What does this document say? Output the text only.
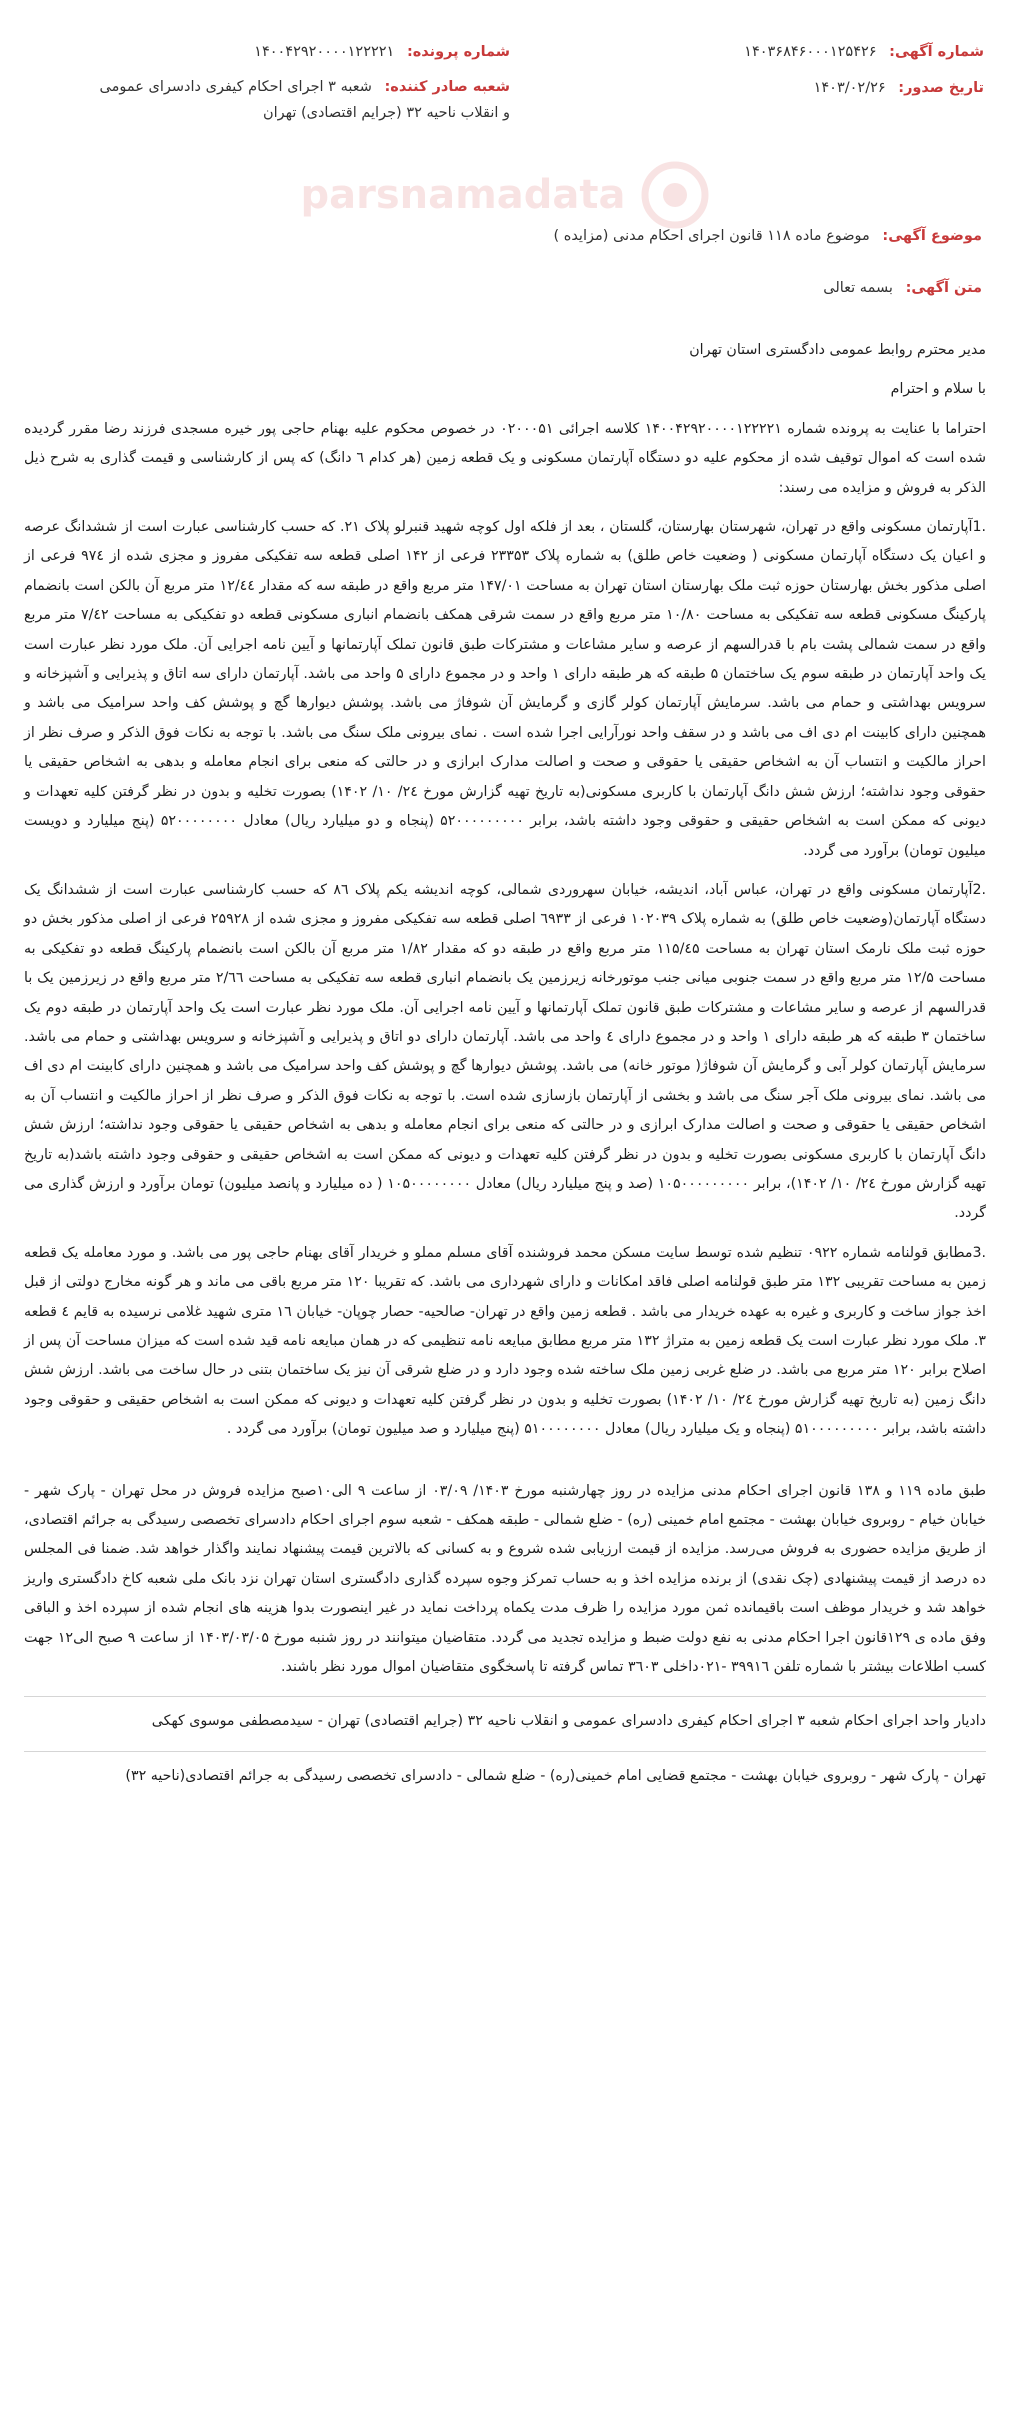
parsnamadata
شماره آگهی: ۱۴۰۳۶۸۴۶۰۰۰۱۲۵۴۲۶
تاریخ صدور: ۱۴۰۳/۰۲/۲۶
شماره پرونده: ۱۴۰۰۴۲۹۲۰۰۰۰۱۲۲۲۲۱
شعبه صادر کننده: شعبه ۳ اجرای احکام کیفری دادسرای عمومی و انقلاب ناحیه ۳۲ (جرایم اقتصادی) تهران
موضوع آگهی: موضوع ماده ۱۱۸ قانون اجرای احکام مدنی (مزایده )
متن آگهی: بسمه تعالی

مدیر محترم روابط عمومی دادگستری استان تهران

با سلام و احترام

احتراما با عنایت به پرونده شماره ۱۴۰۰۴۲۹۲۰۰۰۰۱۲۲۲۲۱ کلاسه اجرائی ۰۲۰۰۰۵۱ در خصوص محکوم علیه بهنام حاجی پور خیره مسجدی فرزند رضا مقرر گردیده شده است که اموال توقیف شده از محکوم علیه دو دستگاه آپارتمان مسکونی و یک قطعه زمین (هر کدام ٦ دانگ) که پس از کارشناسی و قیمت گذاری به شرح ذیل الذکر به فروش و مزایده می رسند:

.1آپارتمان مسکونی واقع در تهران، شهرستان بهارستان، گلستان ، بعد از فلکه اول کوچه شهید قنبرلو پلاک ۲۱. که حسب کارشناسی عبارت است از ششدانگ عرصه و اعیان یک دستگاه آپارتمان مسکونی ( وضعیت خاص طلق) به شماره پلاک ۲۳۳۵۳ فرعی از ۱۴۲ اصلی قطعه سه تفکیکی مفروز و مجزی شده از ۹۷٤ فرعی از اصلی مذکور بخش بهارستان حوزه ثبت ملک بهارستان استان تهران به مساحت ۱۴۷/۰۱ متر مربع واقع در طبقه سه که مقدار ۱۲/٤٤ متر مربع آن بالکن است بانضمام پارکینگ مسکونی قطعه سه تفکیکی به مساحت ۱۰/۸۰ متر مربع واقع در سمت شرقی همکف بانضمام انباری مسکونی قطعه دو تفکیکی به مساحت ۷/٤۲ متر مربع واقع در سمت شمالی پشت بام با قدرالسهم از عرصه و سایر مشاعات و مشترکات طبق قانون تملک آپارتمانها و آیین نامه اجرایی آن. ملک مورد نظر عبارت است یک واحد آپارتمان در طبقه سوم یک ساختمان ۵ طبقه که هر طبقه دارای ۱ واحد و در مجموع دارای ۵ واحد می باشد. آپارتمان دارای سه اتاق و پذیرایی و آشپزخانه و سرویس بهداشتی و حمام می باشد. سرمایش آپارتمان کولر گازی و گرمایش آن شوفاژ می باشد. پوشش دیوارها گچ و پوشش کف واحد سرامیک می باشد و همچنین دارای کابینت ام دی اف می باشد و در سقف واحد نورآرایی اجرا شده است . نمای بیرونی ملک سنگ می باشد. با توجه به نکات فوق الذکر و صرف نظر از احراز مالکیت و انتساب آن به اشخاص حقیقی یا حقوقی و صحت و اصالت مدارک ابرازی و در حالتی که منعی برای انجام معامله و بدهی به اشخاص حقیقی یا حقوقی وجود نداشته؛ ارزش شش دانگ آپارتمان با کاربری مسکونی(به تاریخ تهیه گزارش مورخ ۲٤/ ۱۰/ ۱۴۰۲) بصورت تخلیه و بدون در نظر گرفتن کلیه تعهدات و دیونی که ممکن است به اشخاص حقیقی و حقوقی وجود داشته باشد، برابر ۵۲۰۰۰۰۰۰۰۰۰ (پنجاه و دو میلیارد ریال) معادل ۵۲۰۰۰۰۰۰۰۰ (پنج میلیارد و دویست میلیون تومان) برآورد می گردد.

.2آپارتمان مسکونی واقع در تهران، عباس آباد، اندیشه، خیابان سهروردی شمالی، کوچه اندیشه یکم پلاک ۸٦ که حسب کارشناسی عبارت است از ششدانگ یک دستگاه آپارتمان(وضعیت خاص طلق) به شماره پلاک ۱۰۲۰۳۹ فرعی از ٦۹۳۳ اصلی قطعه سه تفکیکی مفروز و مجزی شده از ۲۵۹۲۸ فرعی از اصلی مذکور بخش دو حوزه ثبت ملک نارمک استان تهران به مساحت ۱۱۵/٤۵ متر مربع واقع در طبقه دو که مقدار ۱/۸۲ متر مربع آن بالکن است بانضمام پارکینگ قطعه دو تفکیکی به مساحت ۱۲/۵ متر مربع واقع در سمت جنوبی میانی جنب موتورخانه زیرزمین یک بانضمام انباری قطعه سه تفکیکی به مساحت ۲/٦٦ متر مربع واقع در زیرزمین یک با قدرالسهم از عرصه و سایر مشاعات و مشترکات طبق قانون تملک آپارتمانها و آیین نامه اجرایی آن. ملک مورد نظر عبارت است یک واحد آپارتمان در طبقه دوم یک ساختمان ۳ طبقه که هر طبقه دارای ۱ واحد و در مجموع دارای ٤ واحد می باشد. آپارتمان دارای دو اتاق و پذیرایی و آشپزخانه و سرویس بهداشتی و حمام می باشد. سرمایش آپارتمان کولر آبی و گرمایش آن شوفاژ( موتور خانه) می باشد. پوشش دیوارها گچ و پوشش کف واحد سرامیک می باشد و همچنین دارای کابینت ام دی اف می باشد. نمای بیرونی ملک آجر سنگ می باشد و بخشی از آپارتمان بازسازی شده است. با توجه به نکات فوق الذکر و صرف نظر از احراز مالکیت و انتساب آن به اشخاص حقیقی یا حقوقی و صحت و اصالت مدارک ابرازی و در حالتی که منعی برای انجام معامله و بدهی به اشخاص حقیقی یا حقوقی وجود نداشته؛ ارزش شش دانگ آپارتمان با کاربری مسکونی بصورت تخلیه و بدون در نظر گرفتن کلیه تعهدات و دیونی که ممکن است به اشخاص حقیقی و حقوقی وجود داشته باشد(به تاریخ تهیه گزارش مورخ ۲٤/ ۱۰/ ۱۴۰۲)، برابر ۱۰۵۰۰۰۰۰۰۰۰۰ (صد و پنج میلیارد ریال) معادل ۱۰۵۰۰۰۰۰۰۰۰ ( ده میلیارد و پانصد میلیون) تومان برآورد و ارزش گذاری می گردد.

.3مطابق قولنامه شماره ۰۹۲۲ تنظیم شده توسط سایت مسکن محمد فروشنده آقای مسلم مملو و خریدار آقای بهنام حاجی پور می باشد. و مورد معامله یک قطعه زمین به مساحت تقریبی ۱۳۲ متر طبق قولنامه اصلی فاقد امکانات و دارای شهرداری می باشد. که تقریبا ۱۲۰ متر مربع باقی می ماند و هر گونه مخارج دولتی از قبل اخذ جواز ساخت و کاربری و غیره به عهده خریدار می باشد . قطعه زمین واقع در تهران- صالحیه- حصار چوپان- خیابان ۱٦ متری شهید غلامی نرسیده به قایم ٤ قطعه ۳. ملک مورد نظر عبارت است یک قطعه زمین به متراژ ۱۳۲ متر مربع مطابق مبایعه نامه تنظیمی که در همان مبایعه نامه قید شده است که میزان مساحت آن پس از اصلاح برابر ۱۲۰ متر مربع می باشد. در ضلع غربی زمین ملک ساخته شده وجود دارد و در ضلع شرقی آن نیز یک ساختمان بتنی در حال ساخت می باشد. ارزش شش دانگ زمین (به تاریخ تهیه گزارش مورخ ۲٤/ ۱۰/ ۱۴۰۲) بصورت تخلیه و بدون در نظر گرفتن کلیه تعهدات و دیونی که ممکن است به اشخاص حقیقی و حقوقی وجود داشته باشد، برابر ۵۱۰۰۰۰۰۰۰۰۰ (پنجاه و یک میلیارد ریال) معادل ۵۱۰۰۰۰۰۰۰۰ (پنج میلیارد و صد میلیون تومان) برآورد می گردد .

طبق ماده ۱۱۹ و ۱۳۸ قانون اجرای احکام مدنی مزایده در روز چهارشنبه مورخ ۱۴۰۳/ ۰۳/۰۹ از ساعت ۹ الی۱۰صبح مزایده فروش در محل تهران - پارک شهر - خیابان خیام - روبروی خیابان بهشت - مجتمع امام خمینی (ره) - ضلع شمالی - طبقه همکف - شعبه سوم اجرای احکام دادسرای تخصصی رسیدگی به جرائم اقتصادی، از طریق مزایده حضوری به فروش می‌رسد. مزایده از قیمت ارزیابی شده شروع و به کسانی که بالاترین قیمت پیشنهاد نمایند واگذار خواهد شد. ضمنا فی المجلس ده درصد از قیمت پیشنهادی (چک نقدی) از برنده مزایده اخذ و به حساب تمرکز وجوه سپرده گذاری دادگستری استان تهران نزد بانک ملی شعبه کاخ دادگستری واریز خواهد شد و خریدار موظف است باقیمانده ثمن مورد مزایده را ظرف مدت یکماه پرداخت نماید در غیر اینصورت بدوا هزینه های انجام شده از سپرده اخذ و الباقی وفق ماده ی ۱۲۹قانون اجرا احکام مدنی به نفع دولت ضبط و مزایده تجدید می گردد. متقاضیان میتوانند در روز شنبه مورخ ۱۴۰۳/۰۳/۰۵ از ساعت ۹ صبح الی۱۲ جهت کسب اطلاعات بیشتر با شماره تلفن ۳۹۹۱٦ -۰۲۱داخلی ۳٦۰۳ تماس گرفته تا پاسخگوی متقاضیان اموال مورد نظر باشند.

دادیار واحد اجرای احکام شعبه ۳ اجرای احکام کیفری دادسرای عمومی و انقلاب ناحیه ۳۲ (جرایم اقتصادی) تهران - سیدمصطفی موسوی کهکی

تهران - پارک شهر - روبروی خیابان بهشت - مجتمع قضایی امام خمینی(ره) - ضلع شمالی - دادسرای تخصصی رسیدگی به جرائم اقتصادی(ناحیه ۳۲)
